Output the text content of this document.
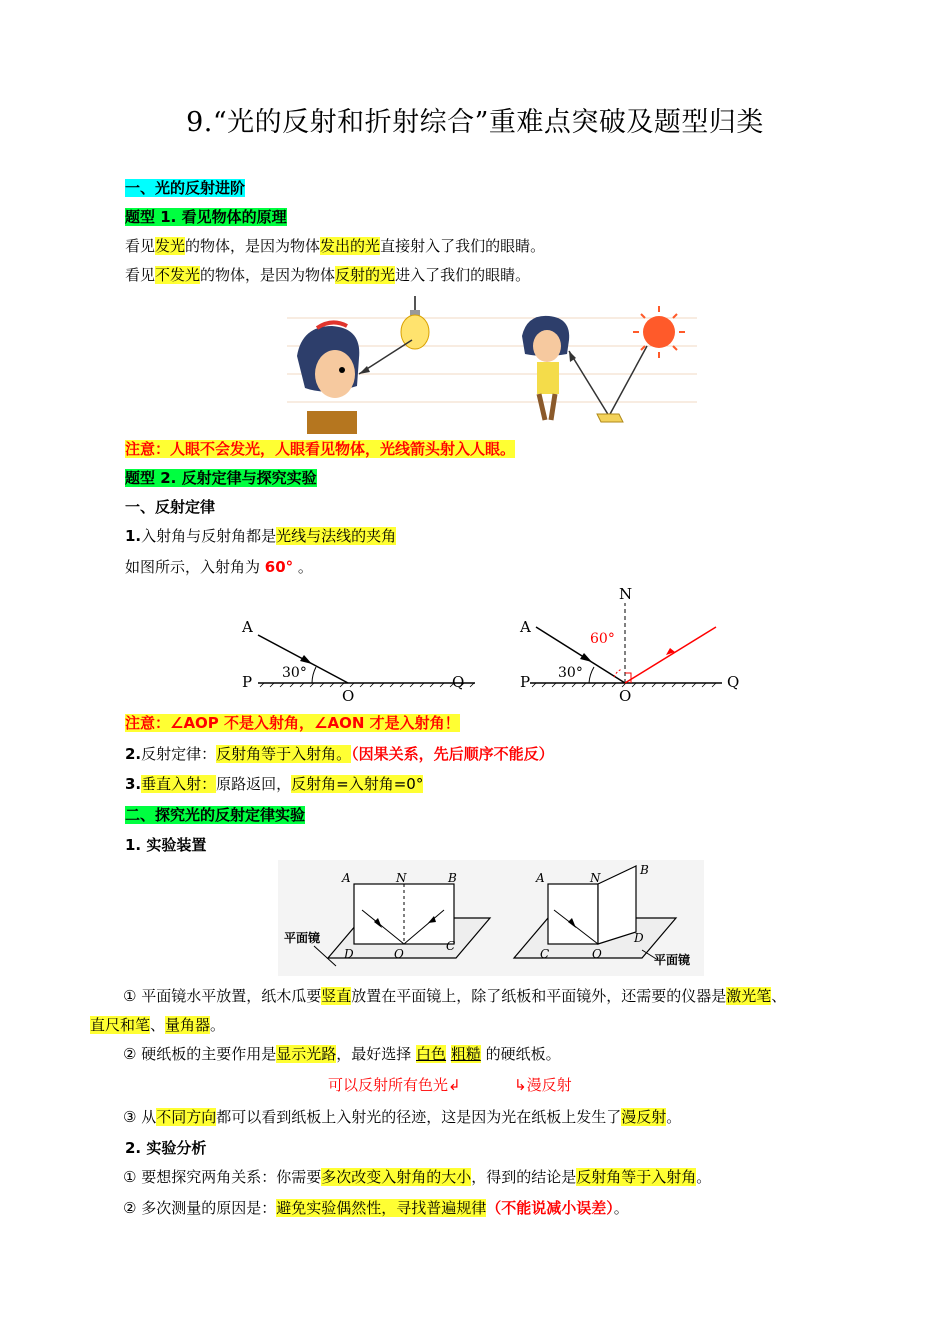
9.“光的反射和折射综合”重难点突破及题型归类
一、光的反射进阶
题型 1. 看见物体的原理
看见发光的物体，是因为物体发出的光直接射入了我们的眼睛。
看见不发光的物体，是因为物体反射的光进入了我们的眼睛。
注意：人眼不会发光，人眼看见物体，光线箭头射入人眼。
题型 2. 反射定律与探究实验
一、反射定律
1.入射角与反射角都是光线与法线的夹角
如图所示，入射角为 60° 。
A
P
O
Q
30°
A
P
O
Q
N
30°
60°
注意：∠AOP 不是入射角，∠AON 才是入射角！
2.反射定律：反射角等于入射角。（因果关系，先后顺序不能反）
3.垂直入射：原路返回，反射角=入射角=0°
二、探究光的反射定律实验
1. 实验装置
A	N	B
D	O
C
平面镜
A	N
B
C	O
D
平面镜
① 平面镜水平放置，纸木瓜要竖直放置在平面镜上，除了纸板和平面镜外，还需要的仪器是激光笔、
直尺和笔、量角器。
② 硬纸板的主要作用是显示光路，最好选择 白色 粗糙 的硬纸板。
可以反射所有色光↲	↳漫反射
③ 从不同方向都可以看到纸板上入射光的径迹，这是因为光在纸板上发生了漫反射。
2. 实验分析
① 要想探究两角关系：你需要多次改变入射角的大小，得到的结论是反射角等于入射角。
② 多次测量的原因是：避免实验偶然性，寻找普遍规律（不能说减小误差）。
